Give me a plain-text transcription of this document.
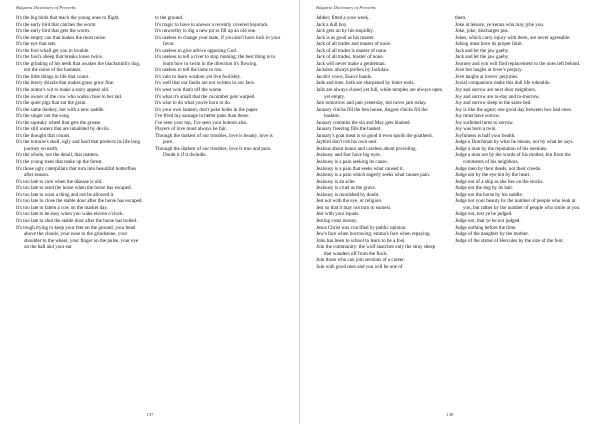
Bulgaria Dictionary of Proverbs

It's the big birds that teach the young ones to flight.

It's the early bird that catches the worm

It's the early bird that gets the worm.

It's the empty can that makes the most noise.

It's the eye that sets.

It's the fool whall get you in trouble.

It's the fool's sheep that breaks loose twice.

It's the grinding of his teeth that awakes the blacksmith's dog, not the noise of the hammer.

It's the little things in life that count.

It's the merry drizzle that makes grass grow fine.

It's the orator's wit to make a story appear old.

It's the owner of the cow who walks close to her tail.

It's the quiet pigs that eat the grain.

It's the same donkey, but with a new saddle.

It's the singer not the song.

It's the squeaky wheel that gets the grease.

It's the still waters that are inhabited by devils.

It's the thought that counts.

It's the tortoise's shell, ugly and hard that protects its life long journey on earth.

It's the whole, not the detail, that matters.

It's the young trees that make up the forest.

It's those ugly caterpillars that turn into beautiful butterflies after season.

It's too late to cure when the disease is old.

It's too late to send the horse when the horse has escaped.

It's too late to want a thing and not be allowed it.

It's too late to close the stable door after the horse has escaped.

It's too late to fatten a cow on the market day.

It's too late to be easy when you wake eleven o'clock.

It's too late to shut the stable door after the horse has bolted.

It's tough trying to keep your feet on the ground, your head above the clouds, your nose to the grindstone, your shoulder to the wheel, your finger on the pulse, your eye on the ball and your ear

to the ground.

It's tragic to have to answer a recently covered haystack.

It's unworthy to dig a new pit to fill up an old one.

It's useless to change your state, if you don't have luck in your favor.

It's useless to give advice opposing God.

It's useless to tell a river to stop running; the best thing is to learn how to swim in the direction it's flowing.

It's useless to tell the lame to run.

It's vain to learn wisdom yet live foolishly.

It's well that our faults are not written in our face.

It's west won that's off the warne.

It's what it's small that the cucumber gets warped.

It's wise to do what you're born to do.

It's your own lantern; don't poke holes in the paper.

I've fried my sausage in better pans than these.

I've seen your top, I've seen your bottom also.

Players of love must always be fair.

Through the darkest of our troubles, love is beauty, love is pure.

Through the darkest of our troubles, love is true and pure. Doubt it if it dwindle.

137
Bulgaria Dictionary of Proverbs

Jabber, fitted a your week.

Jack a dull boy.

Jack gets on by his stupidity.

Jack is as good as his master.

Jack of all trades and master of none.

Jack of all trades is master of none.

Jack of all trades, master of none.

Jack will never make a gentleman.

Jackdaw always prefers by Jackdaw.

Jacob's voice, Esau's hands.

Jade and men, both are sharpened by bitter tools.

Jails are always closed yet full, while temples are always open yet empty.

Jam tomorrow and jam yesterday, but never jam today.

January chicks fill the hen house, August chicks fill the baskets.

January commits the sin and May gets blamed.

January freezing fills the basket.

January's goat meat is so good it even spoils the goatherd.

Jaybird don't rob his own nest.

Jealous about honor and careless about providing.

Jealousy and fear have big eyes.

Jealousy is a pain seeking its cause.

Jealousy is a pain that seeks what caused it.

Jealousy is a pain which eagerly seeks what causes pain.

Jealousy is an ache.

Jealousy is cruel as the grave.

Jealousy is nourished by doubt.

Jest not with the eye, or religion.

Jest so that it may not turn to earnest.

Jest with your equals.

Jesting costs money.

Jesus Christ was crucified by public opinion.

Jew's face when borrowing; emma's face when repaying.

John has been to school to learn to be a fool.

Join the community: the wolf snatches only the stray sheep that wanders off from the flock.

Join those who can join sections of a career.

Join with good men and you will be one of

them.

Joke at leisure, ye kenna wha may jybe you.

Joke, joke, discharges pus.

Jokes, which carry injury with them, are never agreeable.

Joking must have its proper limit.

Jack and let the jaw gaeby.

Jack and let the jaw gaeby.

Journey and you will find replacement to the ones left behind.

Jove but laughs at lover's perjury.

Jove laughs at lovers' perjuries.

Jovial companions make this dull life tolerable.

Joy and sorrow are next door neighbors.

Joy and sorrow are to-day and to-morrow.

Joy and sorrow sleep in the same bed.

Joy is like the agate; one good day between two bad ones.

Joy must have sorrow.

Joy surfeited turns to sorrow.

Joy was born a twin.

Joyfulness is half your health.

Judge a Dutchman by what he means, not by what he says.

Judge a man by the reputation of his enemies.

Judge a man not by the words of his mother, but from the comments of his neighbors.

Judge men by their deeds, not their creeds.

Judge not by the eye but by the heart.

Judge not of a ship as she lies on the stocks.

Judge not the dog by its hair.

Judge not the horse by his saddle.

Judge not your beauty by the number of people who look at you, but rather by the number of people who smile at you.

Judge not, lest ye be judged.

Judge not, that ye be not judged.

Judge nothing before the time.

Judge of the daughter by the mother.

Judge of the statue of Hercules by the size of the foot.

138
